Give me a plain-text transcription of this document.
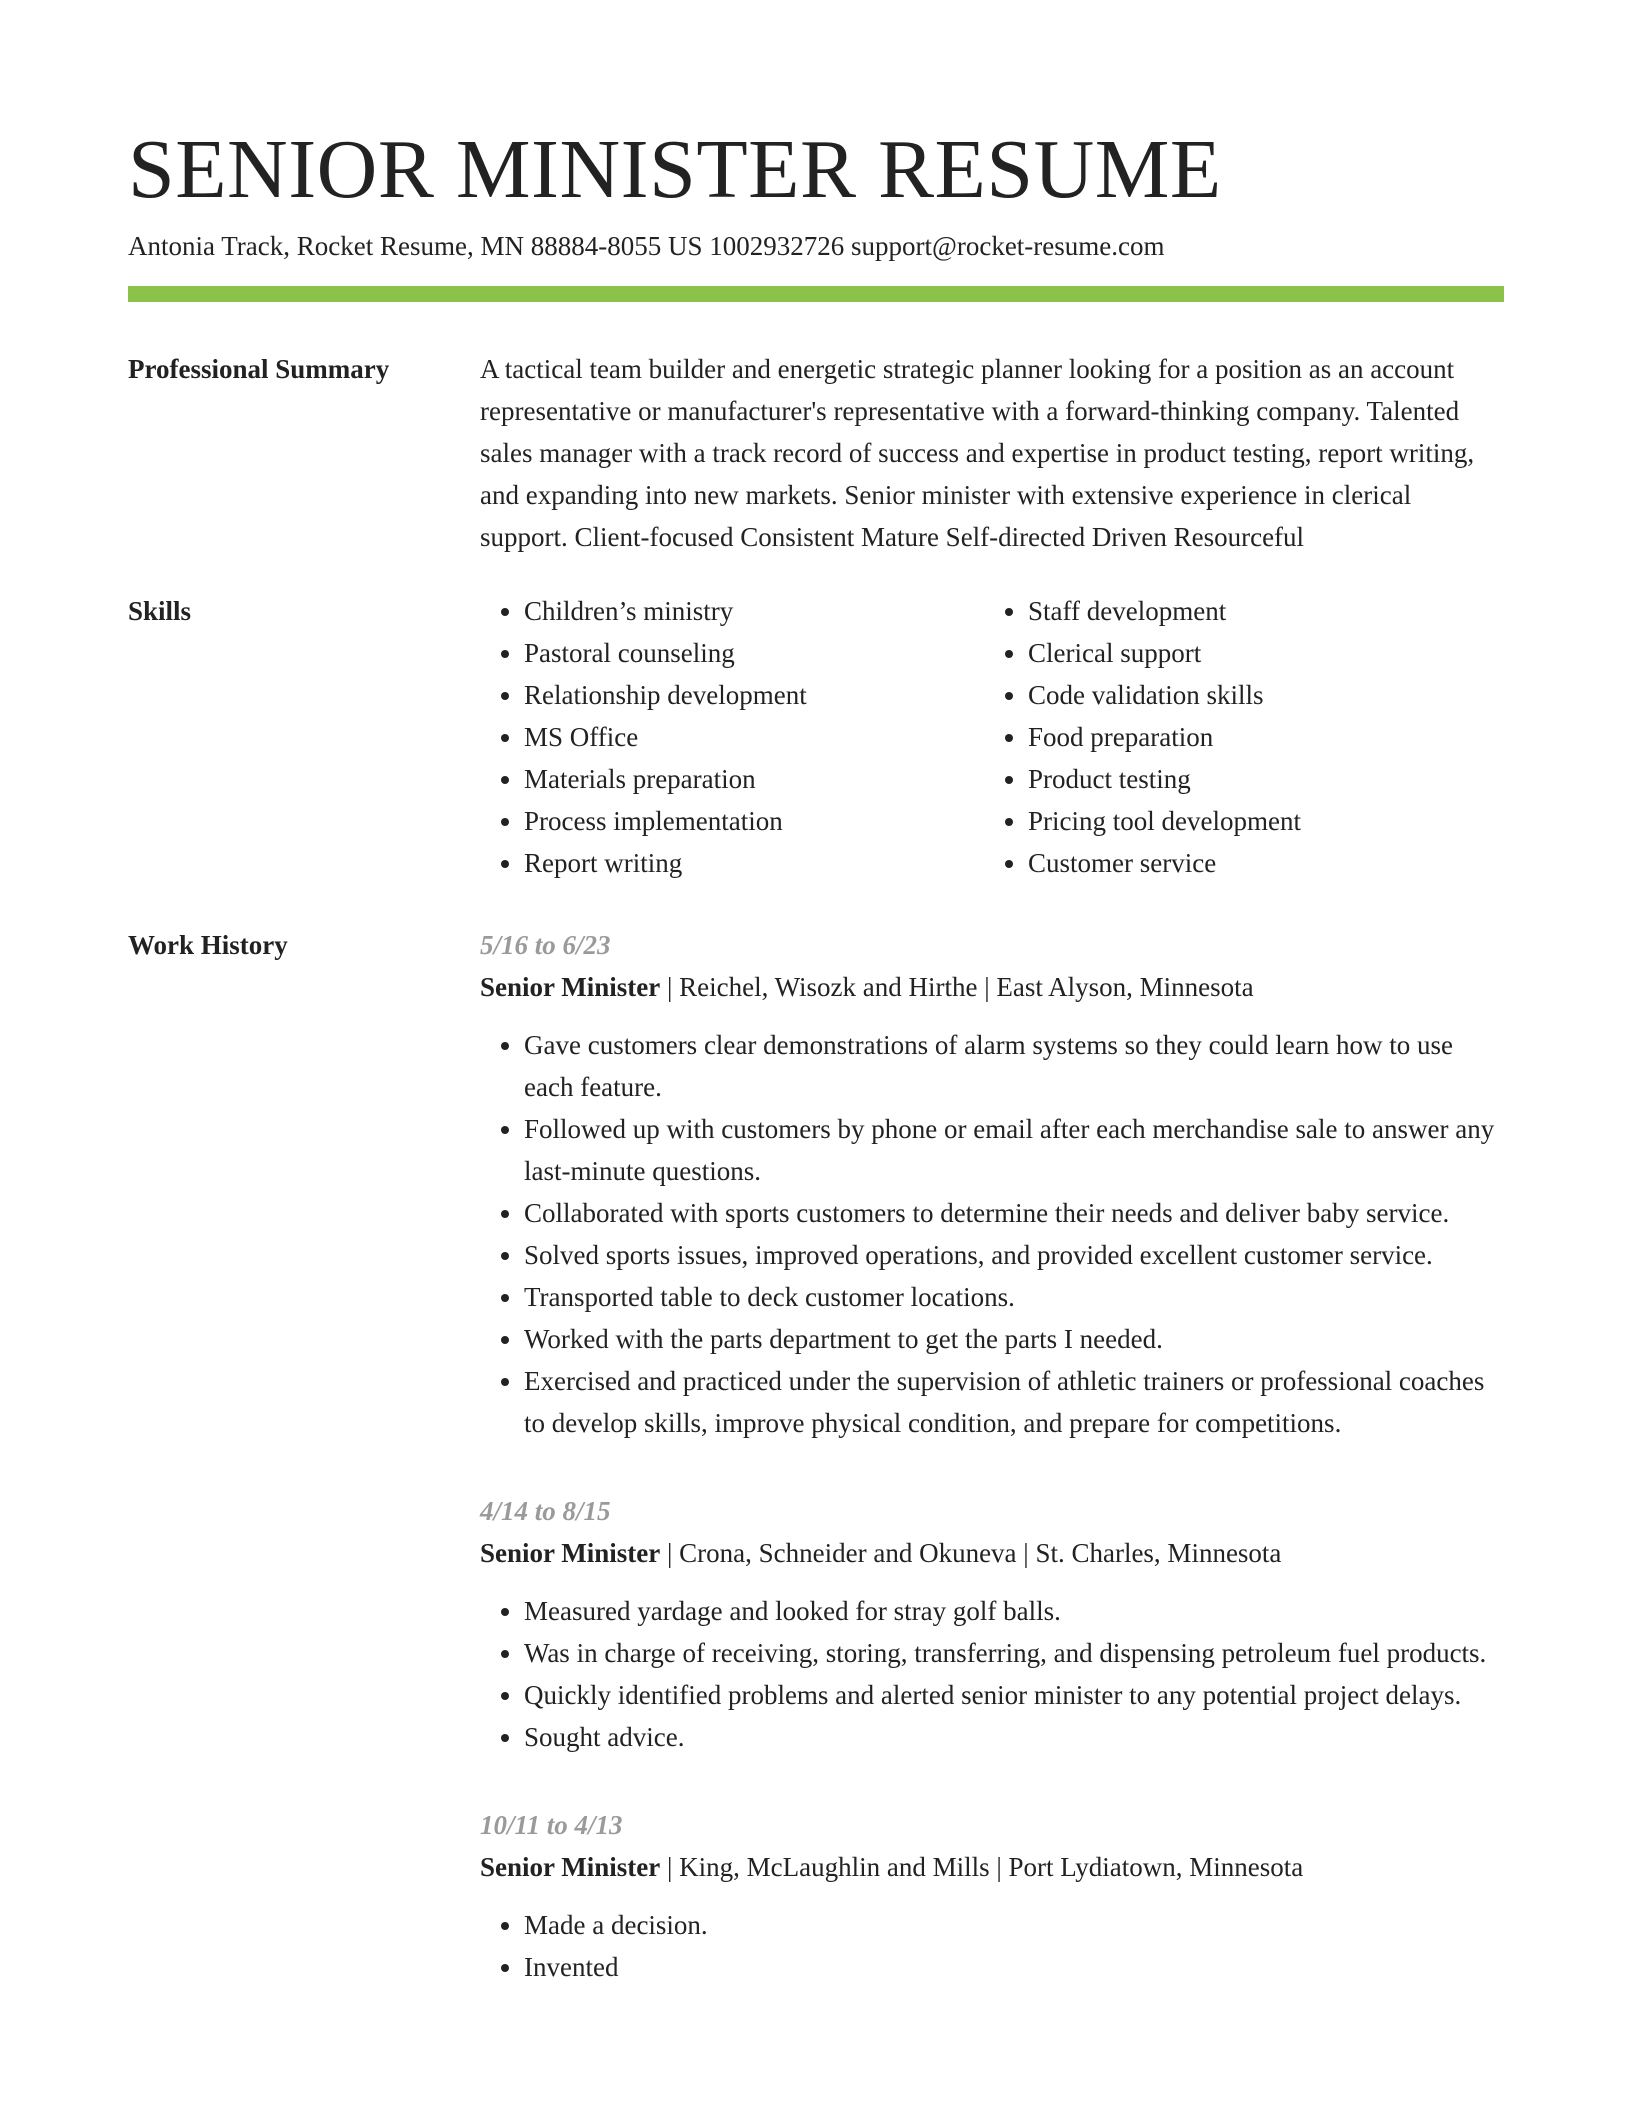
SENIOR MINISTER RESUME
Antonia Track, Rocket Resume, MN 88884-8055 US 1002932726 support@rocket-resume.com
Professional Summary	A tactical team builder and energetic strategic planner looking for a position as an account representative or manufacturer's representative with a forward-thinking company. Talented sales manager with a track record of success and expertise in product testing, report writing, and expanding into new markets. Senior minister with extensive experience in clerical support. Client-focused Consistent Mature Self-directed Driven Resourceful

Skills
•	Children’s ministry
• Pastoral counseling
• Relationship development
• MS Office
• Materials preparation
• Process implementation
• Report writing
• Staff development
• Clerical support
• Code validation skills
• Food preparation
• Product testing
• Pricing tool development
• Customer service
Work History	5/16 to 6/23
Senior Minister | Reichel, Wisozk and Hirthe | East Alyson, Minnesota
• Gave customers clear demonstrations of alarm systems so they could learn how to use each feature.
• Followed up with customers by phone or email after each merchandise sale to answer any last-minute questions.
• Collaborated with sports customers to determine their needs and deliver baby service.
• Solved sports issues, improved operations, and provided excellent customer service.
• Transported table to deck customer locations.
• Worked with the parts department to get the parts I needed.
• Exercised and practiced under the supervision of athletic trainers or professional coaches to develop skills, improve physical condition, and prepare for competitions.
4/14 to 8/15
Senior Minister | Crona, Schneider and Okuneva | St. Charles, Minnesota
• Measured yardage and looked for stray golf balls.
• Was in charge of receiving, storing, transferring, and dispensing petroleum fuel products.
• Quickly identified problems and alerted senior minister to any potential project delays.
• Sought advice.
10/11 to 4/13
Senior Minister | King, McLaughlin and Mills | Port Lydiatown, Minnesota
• Made a decision.
• Invented
